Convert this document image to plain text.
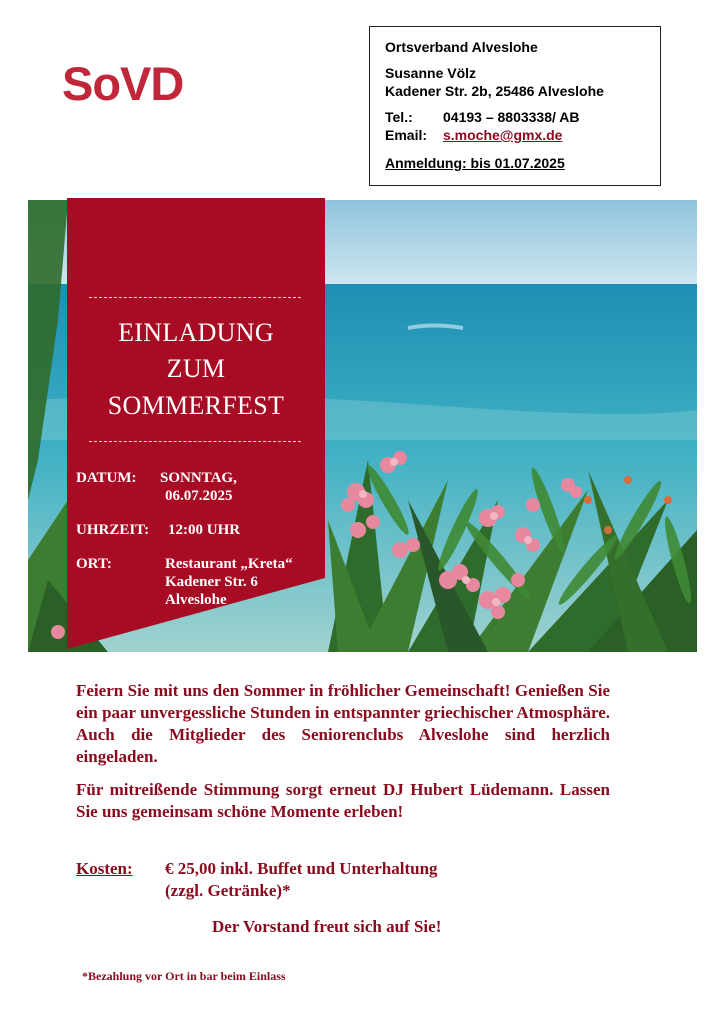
SoVD
Ortsverband Alveslohe
Susanne Völz
Kadener Str. 2b, 25486 Alveslohe
Tel.: 04193 – 8803338/ AB
Email: s.moche@gmx.de
Anmeldung: bis 01.07.2025
EINLADUNG
ZUM
SOMMERFEST
DATUM: SONNTAG,
06.07.2025
UHRZEIT: 12:00 UHR
ORT:	Restaurant „Kreta“
Kadener Str. 6
Alveslohe
Feiern Sie mit uns den Sommer in fröhlicher Gemeinschaft! Genießen Sie ein paar unvergessliche Stunden in entspannter griechischer Atmosphäre. Auch die Mitglieder des Seniorenclubs Alveslohe sind herzlich eingeladen.
Für mitreißende Stimmung sorgt erneut DJ Hubert Lüdemann. Lassen Sie uns gemeinsam schöne Momente erleben!
Kosten: € 25,00 inkl. Buffet und Unterhaltung
(zzgl. Getränke)*
Der Vorstand freut sich auf Sie!
*Bezahlung vor Ort in bar beim Einlass
